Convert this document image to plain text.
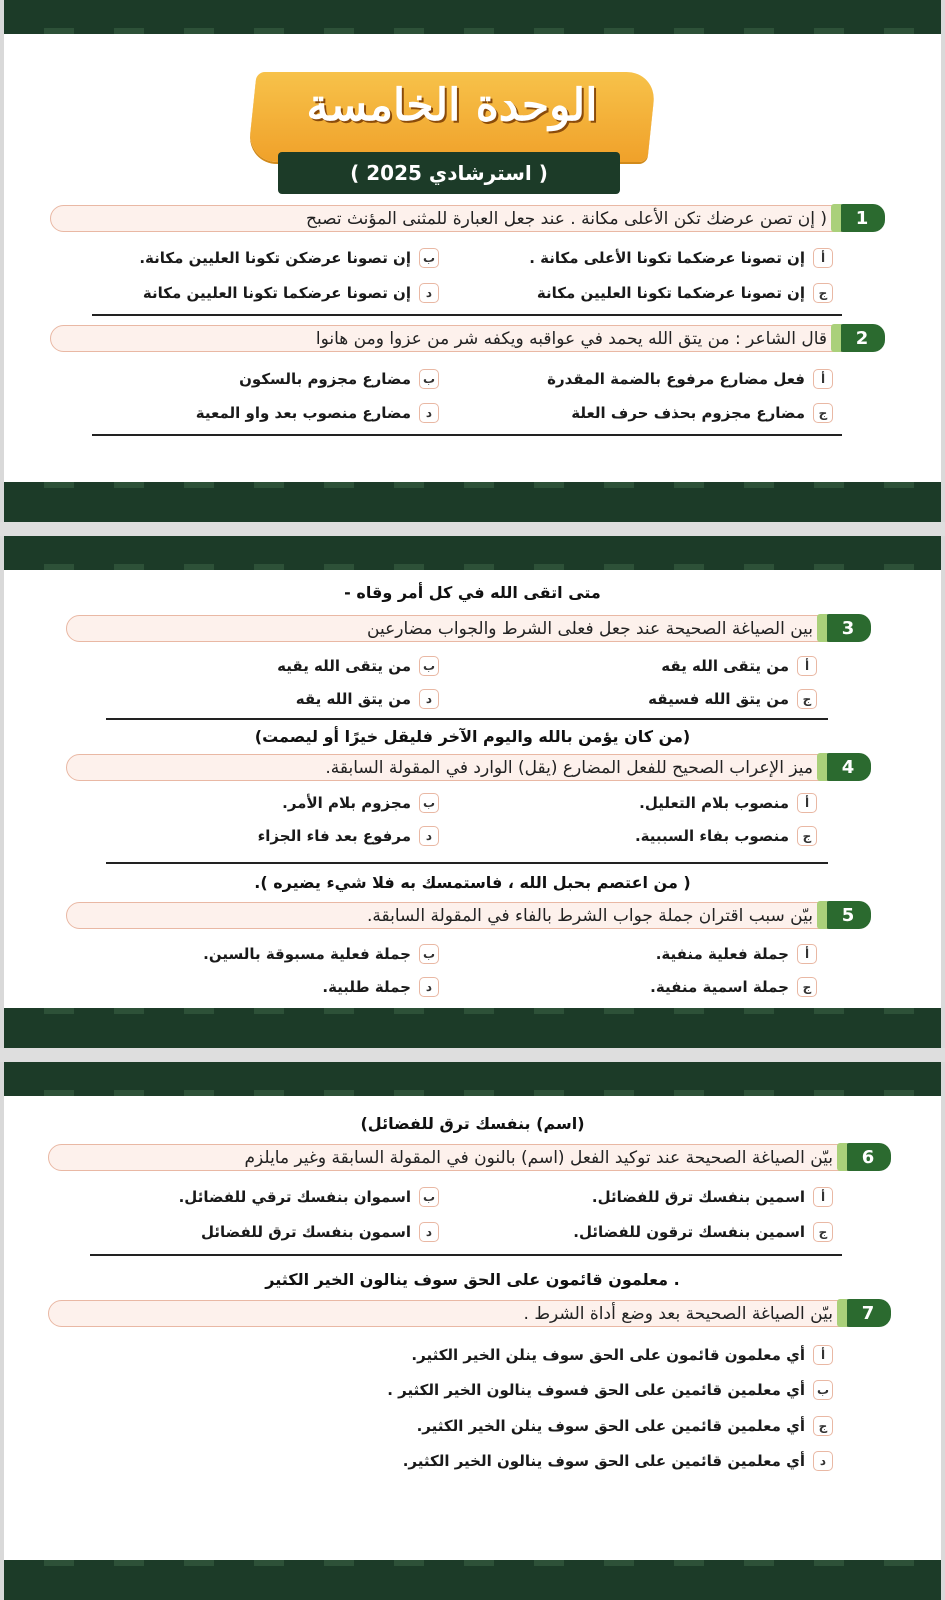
الوحدة الخامسة
( استرشادي 2025 )
1
( إن تصن عرضك تكن الأعلى مكانة . عند جعل العبارة للمثنى المؤنث تصبح
أ
إن تصونا عرضكما تكونا الأعلى مكانة .
ب
إن تصونا عرضكن تكونا العليين مكانة.
ج
إن تصونا عرضكما تكونا العليين مكانة
د
إن تصونا عرضكما تكونا العليين مكانة
2
قال الشاعر : من يتق الله يحمد في عواقبه ويكفه شر من عزوا ومن هانوا
أ
فعل مضارع مرفوع بالضمة المقدرة
ب
مضارع مجزوم بالسكون
ج
مضارع مجزوم بحذف حرف العلة
د
مضارع منصوب بعد واو المعية
متى اتقى الله في كل أمر وقاه -
3
بين الصياغة الصحيحة عند جعل فعلى الشرط والجواب مضارعين
أ
من يتقى الله يقه
ب
من يتقى الله يقيه
ج
من يتق الله فسيقه
د
من يتق الله يقه
(من كان يؤمن بالله واليوم الآخر فليقل خيرًا أو ليصمت)
4
ميز الإعراب الصحيح للفعل المضارع (يقل) الوارد في المقولة السابقة.
أ
منصوب بلام التعليل.
ب
مجزوم بلام الأمر.
ج
منصوب بفاء السببية.
د
مرفوع بعد فاء الجزاء
( من اعتصم بحبل الله ، فاستمسك به فلا شيء يضيره ).
5
بيّن سبب اقتران جملة جواب الشرط بالفاء في المقولة السابقة.
أ
جملة فعلية منفية.
ب
جملة فعلية مسبوقة بالسين.
ج
جملة اسمية منفية.
د
جملة طلبية.
(اسم) بنفسك ترق للفضائل)
6
بيّن الصياغة الصحيحة عند توكيد الفعل (اسم) بالنون في المقولة السابقة وغير مايلزم
أ
اسمين بنفسك ترق للفضائل.
ب
اسموان بنفسك ترقي للفضائل.
ج
اسمين بنفسك ترقون للفضائل.
د
اسمون بنفسك ترق للفضائل
. معلمون قائمون على الحق سوف ينالون الخير الكثير
7
بيّن الصياغة الصحيحة بعد وضع أداة الشرط .
أ
أي معلمون قائمون على الحق سوف ينلن الخير الكثير.
ب
أي معلمين قائمين على الحق فسوف ينالون الخير الكثير .
ج
أي معلمين قائمين على الحق سوف ينلن الخير الكثير.
د
أي معلمين قائمين على الحق سوف ينالون الخير الكثير.
